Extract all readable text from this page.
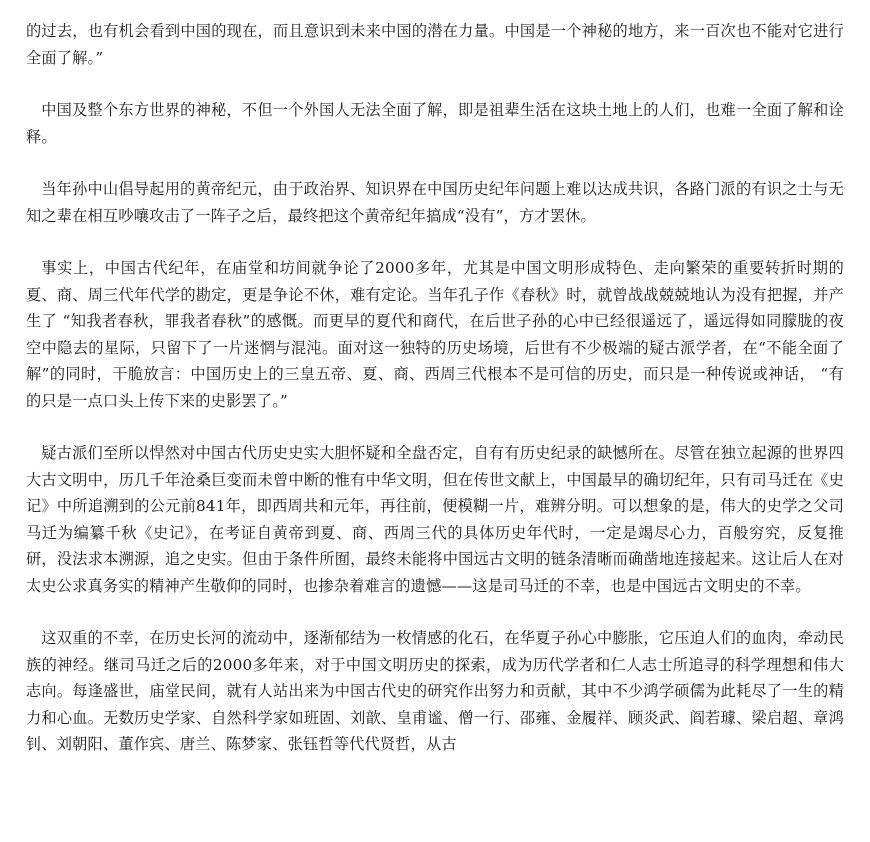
的过去，也有机会看到中国的现在，而且意识到未来中国的潜在力量。中国是一个神秘的地方，来一百次也不能对它进行全面了解。”

中国及整个东方世界的神秘，不但一个外国人无法全面了解，即是祖辈生活在这块土地上的人们，也难一全面了解和诠释。

当年孙中山倡导起用的黄帝纪元，由于政治界、知识界在中国历史纪年问题上难以达成共识，各路门派的有识之士与无知之辈在相互吵嚷攻击了一阵子之后，最终把这个黄帝纪年搞成“没有”，方才罢休。

事实上，中国古代纪年，在庙堂和坊间就争论了2000多年，尤其是中国文明形成特色、走向繁荣的重要转折时期的夏、商、周三代年代学的勘定，更是争论不休，难有定论。当年孔子作《春秋》时，就曾战战兢兢地认为没有把握，并产生了 “知我者春秋，罪我者春秋”的感慨。而更早的夏代和商代，在后世子孙的心中已经很遥远了，遥远得如同朦胧的夜空中隐去的星际，只留下了一片迷惘与混沌。面对这一独特的历史场境，后世有不少极端的疑古派学者，在“不能全面了解”的同时，干脆放言：中国历史上的三皇五帝、夏、商、西周三代根本不是可信的历史，而只是一种传说或神话， “有的只是一点口头上传下来的史影罢了。”

疑古派们至所以悍然对中国古代历史史实大胆怀疑和全盘否定，自有有历史纪录的缺憾所在。尽管在独立起源的世界四大古文明中，历几千年沧桑巨变而未曾中断的惟有中华文明，但在传世文献上，中国最早的确切纪年，只有司马迁在《史记》中所追溯到的公元前841年，即西周共和元年，再往前，便模糊一片，难辨分明。可以想象的是，伟大的史学之父司马迁为编纂千秋《史记》，在考证自黄帝到夏、商、西周三代的具体历史年代时，一定是竭尽心力，百般穷究，反复推研，没法求本溯源，追之史实。但由于条件所囿，最终未能将中国远古文明的链条清晰而确凿地连接起来。这让后人在对太史公求真务实的精神产生敬仰的同时，也掺杂着难言的遗憾——这是司马迁的不幸，也是中国远古文明史的不幸。

这双重的不幸，在历史长河的流动中，逐渐郁结为一枚情感的化石，在华夏子孙心中膨胀，它压迫人们的血肉，牵动民族的神经。继司马迁之后的2000多年来，对于中国文明历史的探索，成为历代学者和仁人志士所追寻的科学理想和伟大志向。每逢盛世，庙堂民间，就有人站出来为中国古代史的研究作出努力和贡献，其中不少鸿学硕儒为此耗尽了一生的精力和心血。无数历史学家、自然科学家如班固、刘歆、皇甫谧、僧一行、邵雍、金履祥、顾炎武、阎若璩、梁启超、章鸿钊、刘朝阳、董作宾、唐兰、陈梦家、张钰哲等代代贤哲，从古
